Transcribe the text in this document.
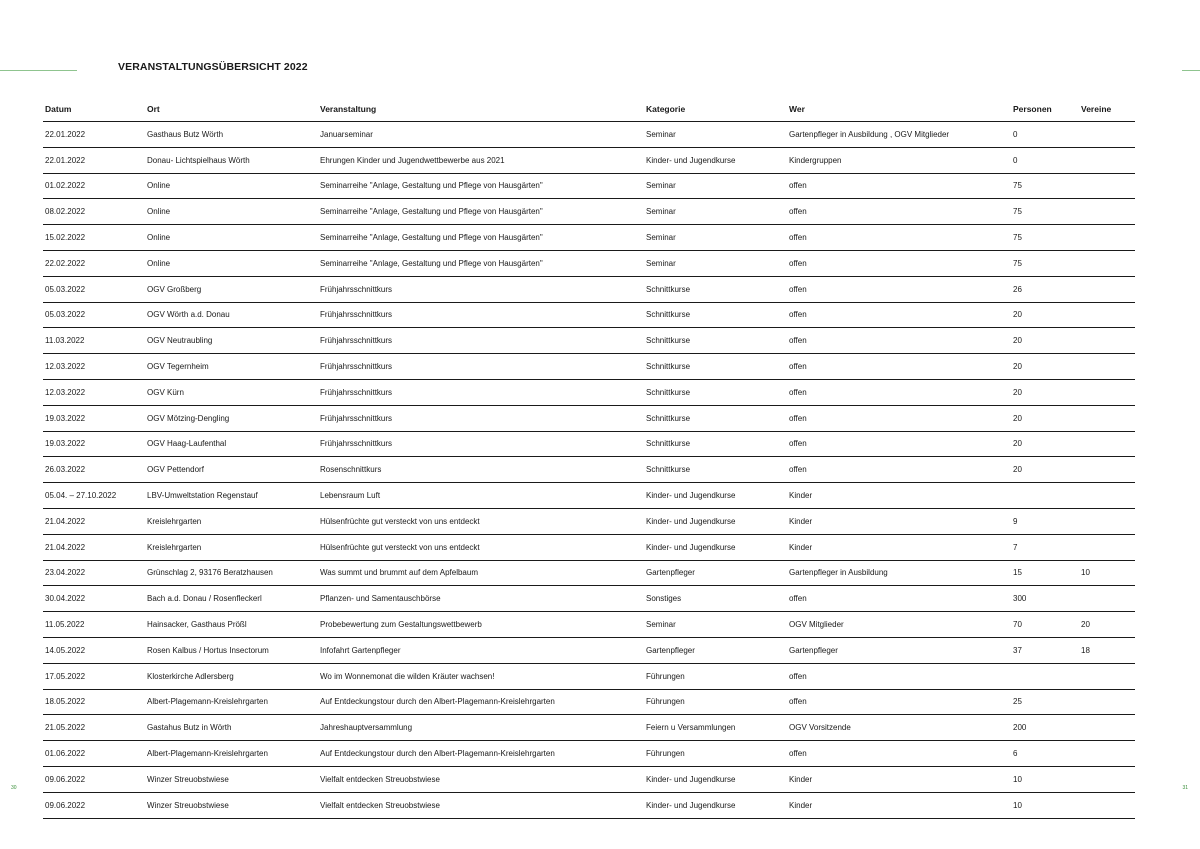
VERANSTALTUNGSÜBERSICHT 2022
Datum	Ort	Veranstaltung	Kategorie	Wer	Personen	Vereine
22.01.2022	Gasthaus Butz Wörth	Januarseminar	Seminar	Gartenpfleger in Ausbildung , OGV Mitglieder	0	
22.01.2022	Donau- Lichtspielhaus Wörth	Ehrungen Kinder und Jugendwettbewerbe aus 2021	Kinder- und Jugendkurse	Kindergruppen	0	
01.02.2022	Online	Seminarreihe "Anlage, Gestaltung und Pflege von Hausgärten"	Seminar	offen	75	
08.02.2022	Online	Seminarreihe "Anlage, Gestaltung und Pflege von Hausgärten"	Seminar	offen	75	
15.02.2022	Online	Seminarreihe "Anlage, Gestaltung und Pflege von Hausgärten"	Seminar	offen	75	
22.02.2022	Online	Seminarreihe "Anlage, Gestaltung und Pflege von Hausgärten"	Seminar	offen	75	
05.03.2022	OGV Großberg	Frühjahrsschnittkurs	Schnittkurse	offen	26	
05.03.2022	OGV Wörth a.d. Donau	Frühjahrsschnittkurs	Schnittkurse	offen	20	
11.03.2022	OGV Neutraubling	Frühjahrsschnittkurs	Schnittkurse	offen	20	
12.03.2022	OGV Tegernheim	Frühjahrsschnittkurs	Schnittkurse	offen	20	
12.03.2022	OGV Kürn	Frühjahrsschnittkurs	Schnittkurse	offen	20	
19.03.2022	OGV Mötzing-Dengling	Frühjahrsschnittkurs	Schnittkurse	offen	20	
19.03.2022	OGV Haag-Laufenthal	Frühjahrsschnittkurs	Schnittkurse	offen	20	
26.03.2022	OGV Pettendorf	Rosenschnittkurs	Schnittkurse	offen	20	
05.04. – 27.10.2022	LBV-Umweltstation Regenstauf	Lebensraum Luft	Kinder- und Jugendkurse	Kinder		
21.04.2022	Kreislehrgarten	Hülsenfrüchte gut versteckt von uns entdeckt	Kinder- und Jugendkurse	Kinder	9	
21.04.2022	Kreislehrgarten	Hülsenfrüchte gut versteckt von uns entdeckt	Kinder- und Jugendkurse	Kinder	7	
23.04.2022	Grünschlag 2, 93176 Beratzhausen	Was summt und brummt auf dem Apfelbaum	Gartenpfleger	Gartenpfleger in Ausbildung	15	10
30.04.2022	Bach a.d. Donau / Rosenfleckerl	Pflanzen- und Samentauschbörse	Sonstiges	offen	300	
11.05.2022	Hainsacker, Gasthaus Prößl	Probebewertung zum Gestaltungswettbewerb	Seminar	OGV Mitglieder	70	20
14.05.2022	Rosen Kalbus / Hortus Insectorum	Infofahrt Gartenpfleger	Gartenpfleger	Gartenpfleger	37	18
17.05.2022	Klosterkirche Adlersberg	Wo im Wonnemonat die wilden Kräuter wachsen!	Führungen	offen		
18.05.2022	Albert-Plagemann-Kreislehrgarten	Auf Entdeckungstour durch den Albert-Plagemann-Kreislehrgarten	Führungen	offen	25	
21.05.2022	Gastahus Butz in Wörth	Jahreshauptversammlung	Feiern u Versammlungen	OGV Vorsitzende	200	
01.06.2022	Albert-Plagemann-Kreislehrgarten	Auf Entdeckungstour durch den Albert-Plagemann-Kreislehrgarten	Führungen	offen	6	
09.06.2022	Winzer Streuobstwiese	Vielfalt entdecken Streuobstwiese	Kinder- und Jugendkurse	Kinder	10	
09.06.2022	Winzer Streuobstwiese	Vielfalt entdecken Streuobstwiese	Kinder- und Jugendkurse	Kinder	10	
30	31
